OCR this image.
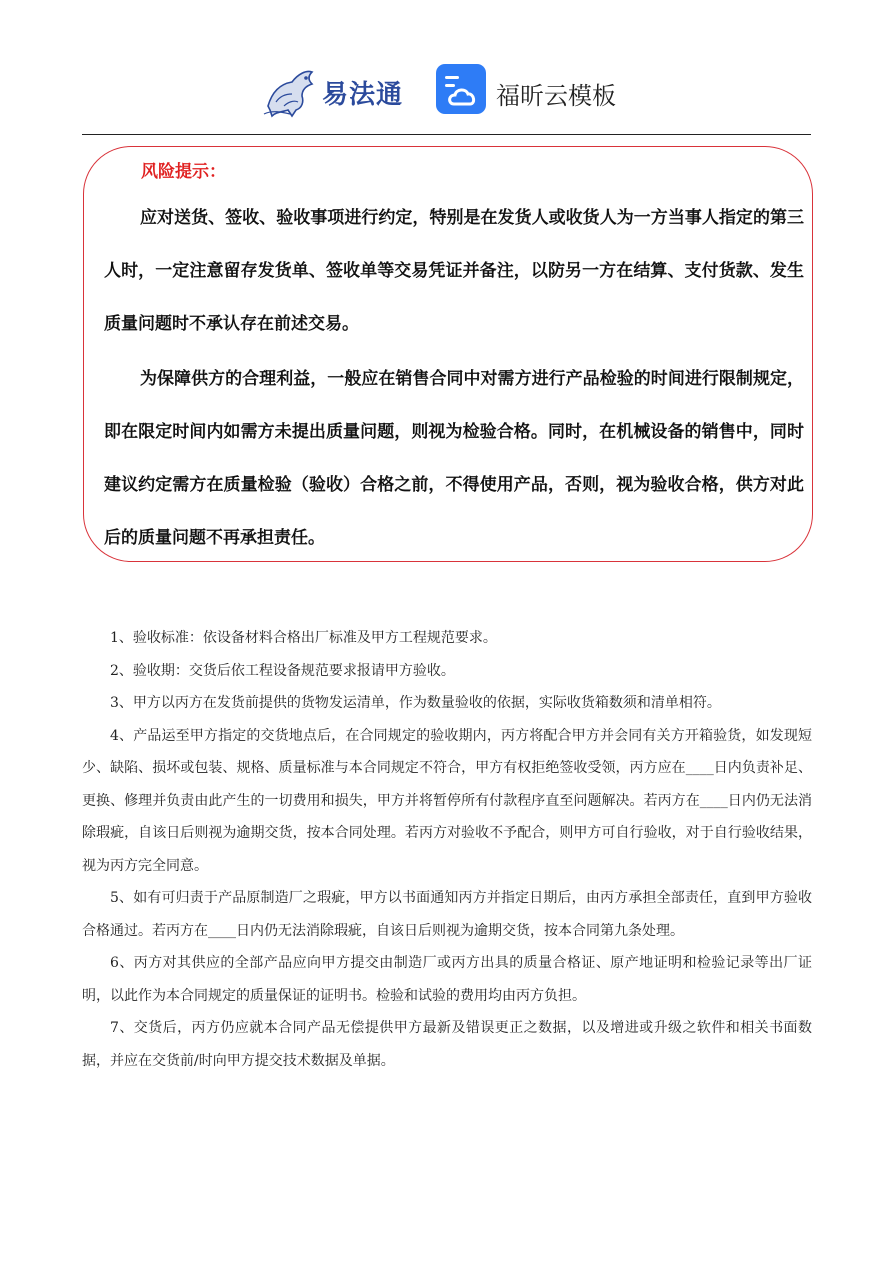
易法通	福昕云模板
风险提示：

应对送货、签收、验收事项进行约定，特别是在发货人或收货人为一方当事人指定的第三人时，一定注意留存发货单、签收单等交易凭证并备注，以防另一方在结算、支付货款、发生质量问题时不承认存在前述交易。

为保障供方的合理利益，一般应在销售合同中对需方进行产品检验的时间进行限制规定，即在限定时间内如需方未提出质量问题，则视为检验合格。同时，在机械设备的销售中，同时建议约定需方在质量检验（验收）合格之前，不得使用产品，否则，视为验收合格，供方对此后的质量问题不再承担责任。

1、验收标准：依设备材料合格出厂标准及甲方工程规范要求。

2、验收期：交货后依工程设备规范要求报请甲方验收。

3、甲方以丙方在发货前提供的货物发运清单，作为数量验收的依据，实际收货箱数须和清单相符。

4、产品运至甲方指定的交货地点后，在合同规定的验收期内，丙方将配合甲方并会同有关方开箱验货，如发现短少、缺陷、损坏或包装、规格、质量标准与本合同规定不符合，甲方有权拒绝签收受领，丙方应在____日内负责补足、更换、修理并负责由此产生的一切费用和损失，甲方并将暂停所有付款程序直至问题解决。若丙方在____日内仍无法消除瑕疵，自该日后则视为逾期交货，按本合同处理。若丙方对验收不予配合，则甲方可自行验收，对于自行验收结果，视为丙方完全同意。

5、如有可归责于产品原制造厂之瑕疵，甲方以书面通知丙方并指定日期后，由丙方承担全部责任，直到甲方验收合格通过。若丙方在____日内仍无法消除瑕疵，自该日后则视为逾期交货，按本合同第九条处理。

6、丙方对其供应的全部产品应向甲方提交由制造厂或丙方出具的质量合格证、原产地证明和检验记录等出厂证明，以此作为本合同规定的质量保证的证明书。检验和试验的费用均由丙方负担。

7、交货后，丙方仍应就本合同产品无偿提供甲方最新及错误更正之数据，以及增进或升级之软件和相关书面数据，并应在交货前/时向甲方提交技术数据及单据。
